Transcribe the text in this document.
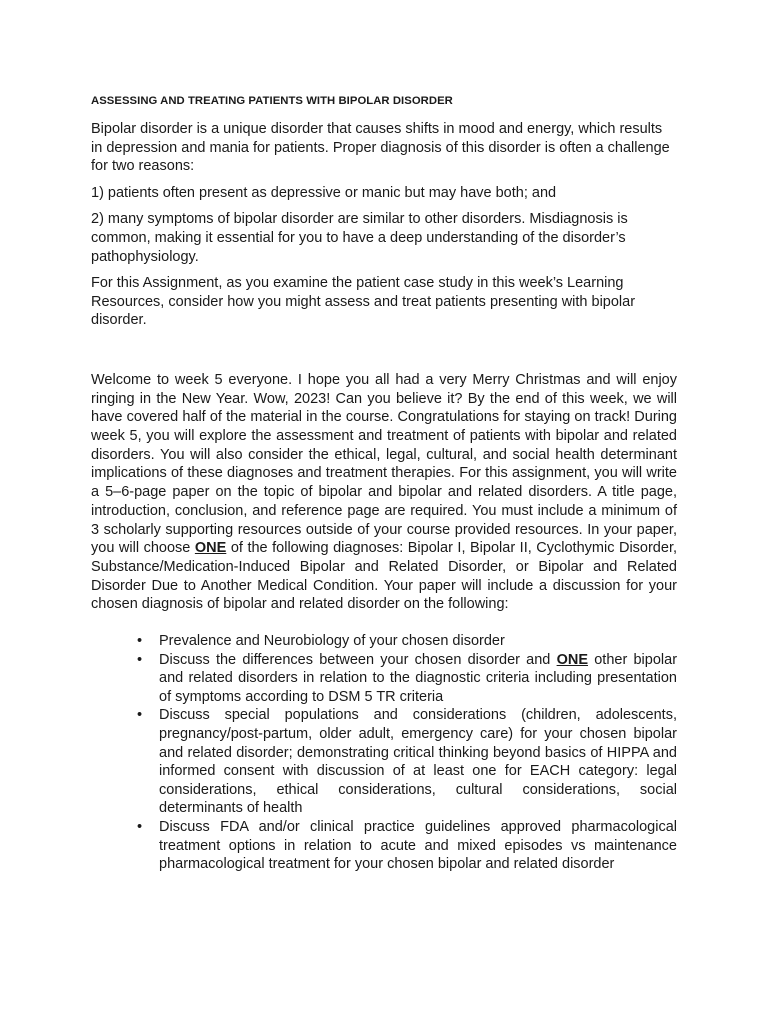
ASSESSING AND TREATING PATIENTS WITH BIPOLAR DISORDER

Bipolar disorder is a unique disorder that causes shifts in mood and energy, which results in depression and mania for patients. Proper diagnosis of this disorder is often a challenge for two reasons:

1) patients often present as depressive or manic but may have both; and

2) many symptoms of bipolar disorder are similar to other disorders. Misdiagnosis is common, making it essential for you to have a deep understanding of the disorder’s pathophysiology.

For this Assignment, as you examine the patient case study in this week’s Learning Resources, consider how you might assess and treat patients presenting with bipolar disorder.

Welcome to week 5 everyone. I hope you all had a very Merry Christmas and will enjoy ringing in the New Year. Wow, 2023! Can you believe it? By the end of this week, we will have covered half of the material in the course. Congratulations for staying on track! During week 5, you will explore the assessment and treatment of patients with bipolar and related disorders. You will also consider the ethical, legal, cultural, and social health determinant implications of these diagnoses and treatment therapies. For this assignment, you will write a 5–6-page paper on the topic of bipolar and bipolar and related disorders. A title page, introduction, conclusion, and reference page are required. You must include a minimum of 3 scholarly supporting resources outside of your course provided resources. In your paper, you will choose ONE of the following diagnoses: Bipolar I, Bipolar II, Cyclothymic Disorder, Substance/Medication-Induced Bipolar and Related Disorder, or Bipolar and Related Disorder Due to Another Medical Condition. Your paper will include a discussion for your chosen diagnosis of bipolar and related disorder on the following:

• Prevalence and Neurobiology of your chosen disorder
• Discuss the differences between your chosen disorder and ONE other bipolar and related disorders in relation to the diagnostic criteria including presentation of symptoms according to DSM 5 TR criteria
• Discuss special populations and considerations (children, adolescents, pregnancy/post-partum, older adult, emergency care) for your chosen bipolar and related disorder; demonstrating critical thinking beyond basics of HIPPA and informed consent with discussion of at least one for EACH category: legal considerations, ethical considerations, cultural considerations, social determinants of health
• Discuss FDA and/or clinical practice guidelines approved pharmacological treatment options in relation to acute and mixed episodes vs maintenance pharmacological treatment for your chosen bipolar and related disorder
